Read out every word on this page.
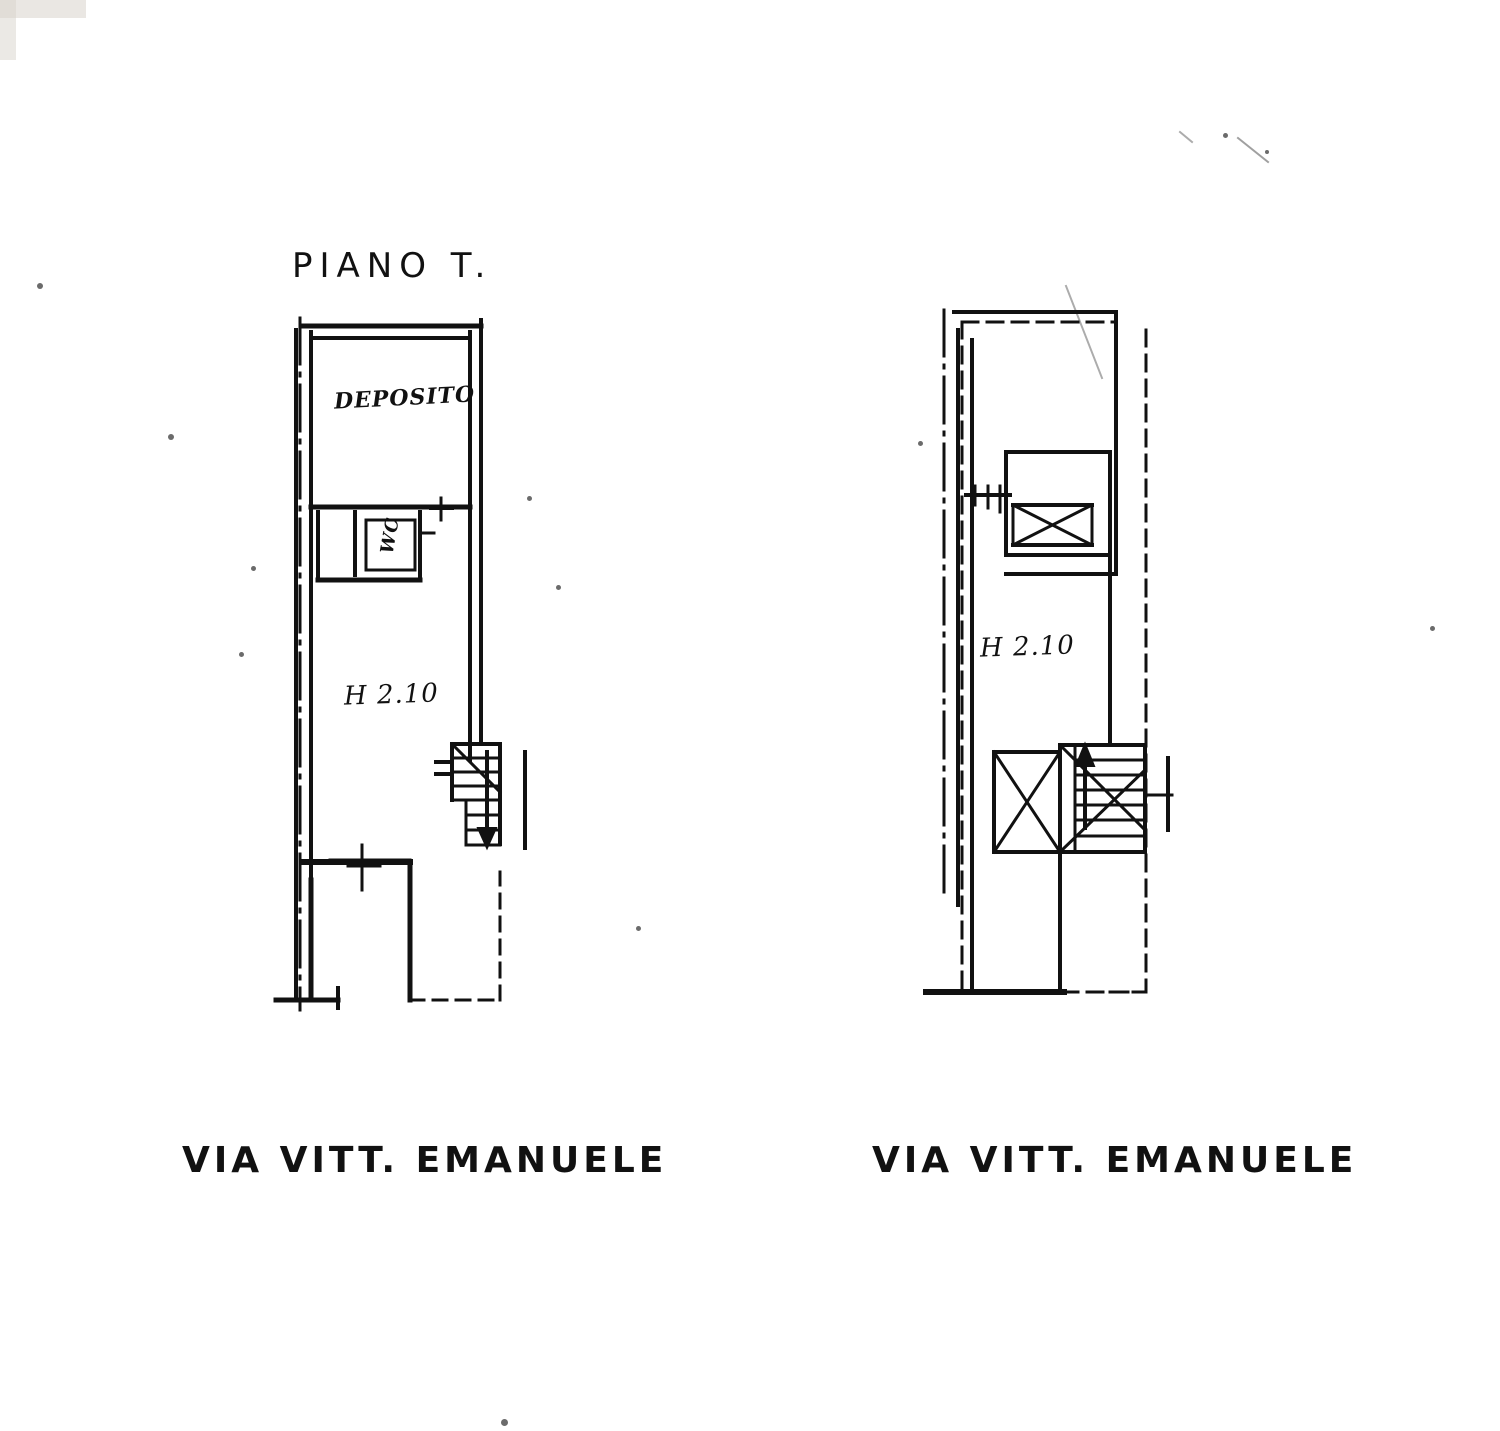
PIANO T.
DEPOSITO
WC
H 2.10
H 2.10
VIA VITT. EMANUELE	VIA VITT. EMANUELE
